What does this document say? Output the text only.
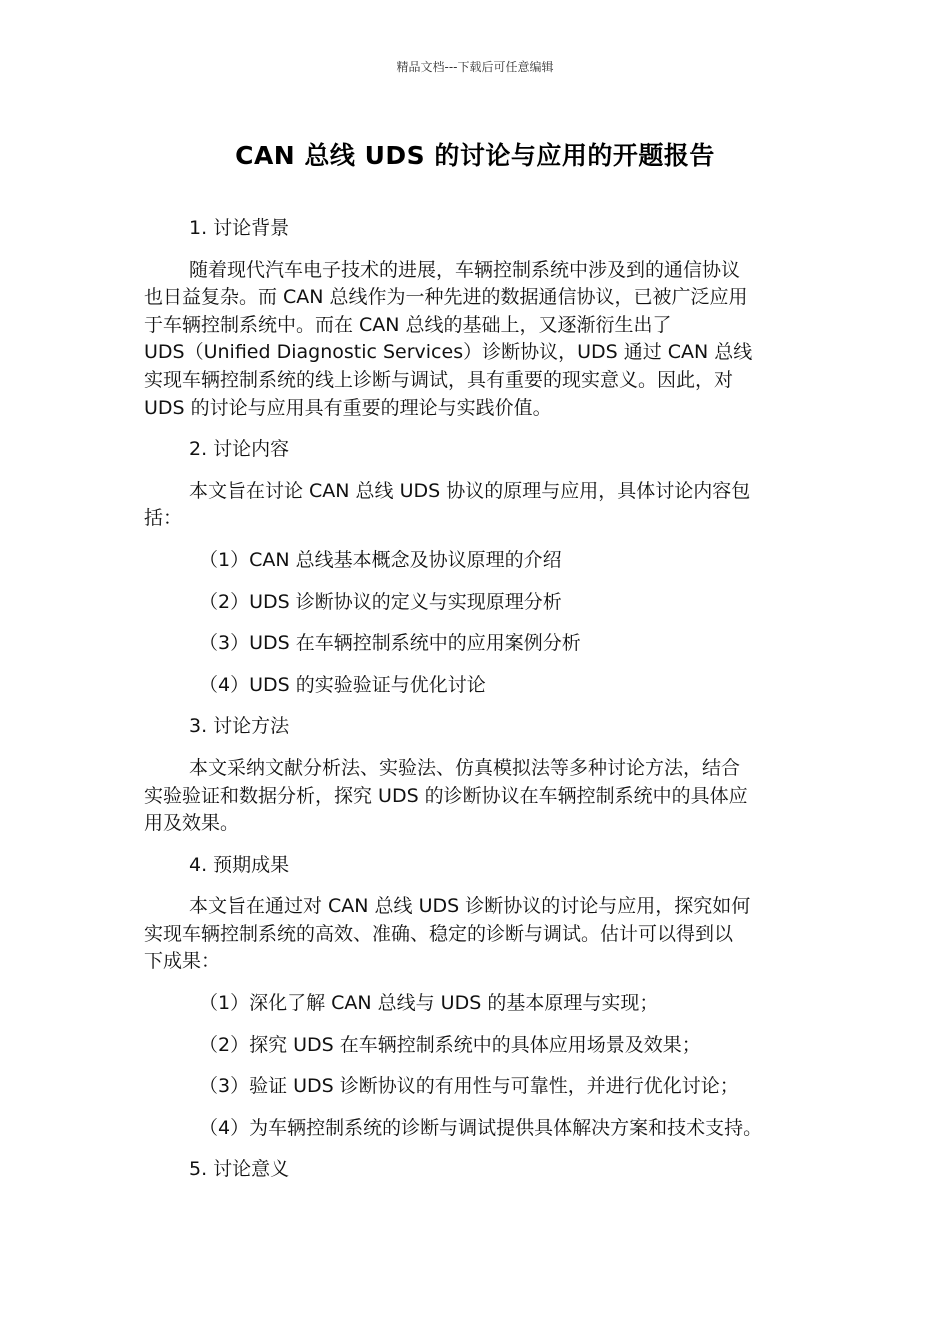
精品文档---下载后可任意编辑
CAN 总线 UDS 的讨论与应用的开题报告

1. 讨论背景

随着现代汽车电子技术的进展，车辆控制系统中涉及到的通信协议
也日益复杂。而 CAN 总线作为一种先进的数据通信协议，已被广泛应用
于车辆控制系统中。而在 CAN 总线的基础上，又逐渐衍生出了
UDS（Unified Diagnostic Services）诊断协议，UDS 通过 CAN 总线
实现车辆控制系统的线上诊断与调试，具有重要的现实意义。因此，对
UDS 的讨论与应用具有重要的理论与实践价值。

2. 讨论内容

本文旨在讨论 CAN 总线 UDS 协议的原理与应用，具体讨论内容包
括：

（1）CAN 总线基本概念及协议原理的介绍

（2）UDS 诊断协议的定义与实现原理分析

（3）UDS 在车辆控制系统中的应用案例分析

（4）UDS 的实验验证与优化讨论

3. 讨论方法

本文采纳文献分析法、实验法、仿真模拟法等多种讨论方法，结合
实验验证和数据分析，探究 UDS 的诊断协议在车辆控制系统中的具体应
用及效果。

4. 预期成果

本文旨在通过对 CAN 总线 UDS 诊断协议的讨论与应用，探究如何
实现车辆控制系统的高效、准确、稳定的诊断与调试。估计可以得到以
下成果：

（1）深化了解 CAN 总线与 UDS 的基本原理与实现；

（2）探究 UDS 在车辆控制系统中的具体应用场景及效果；

（3）验证 UDS 诊断协议的有用性与可靠性，并进行优化讨论；

（4）为车辆控制系统的诊断与调试提供具体解决方案和技术支持。

5. 讨论意义
